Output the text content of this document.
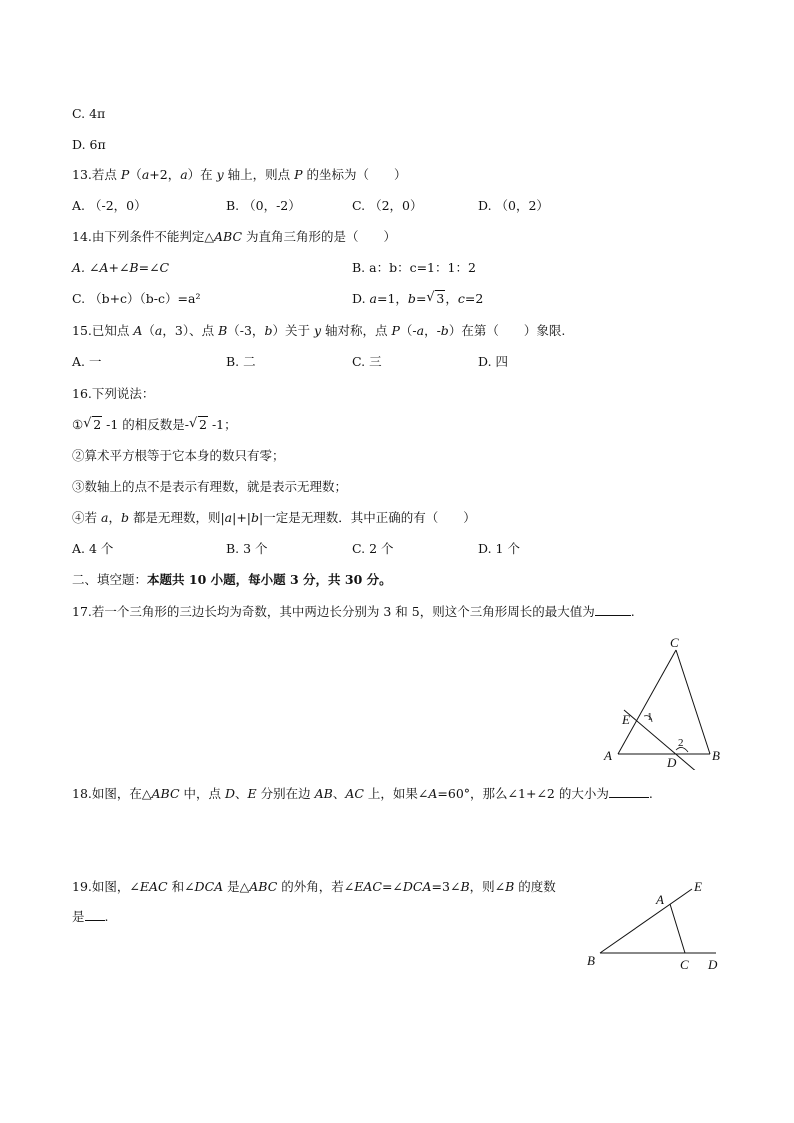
C. 4π
D. 6π
13.若点 P（a+2，a）在 y 轴上，则点 P 的坐标为（　　）
A. （-2，0）	B. （0，-2）	C. （2，0）	D. （0，2）
14.由下列条件不能判定△ABC 为直角三角形的是（　　）
A. ∠A+∠B=∠C	B. a：b：c=1：1：2
C. （b+c）（b-c）=a²	D. a=1，b= √ 3，c=2
15.已知点 A（a，3）、点 B（-3，b）关于 y 轴对称，点 P（-a，-b）在第（　　）象限.
A. 一	B. 二	C. 三	D. 四
16.下列说法：
① √ 2 -1 的相反数是- √ 2 -1；
②算术平方根等于它本身的数只有零；
③数轴上的点不是表示有理数，就是表示无理数；
④若 a，b 都是无理数，则|a|+|b|一定是无理数．其中正确的有（　　）
A. 4 个	B. 3 个	C. 2 个	D. 1 个
二、填空题：本题共 10 小题，每小题 3 分，共 30 分。
17.若一个三角形的三边长均为奇数，其中两边长分别为 3 和 5，则这个三角形周长的最大值为	.
C
E 1
A
2
D	B
18.如图，在△ABC 中，点 D、E 分别在边 AB、AC 上，如果∠A=60°，那么∠1+∠2 的大小为	.
19.如图，∠EAC 和∠DCA 是△ABC 的外角，若∠EAC=∠DCA=3∠B，则∠B 的度数
是 .
A
E
B	C D
